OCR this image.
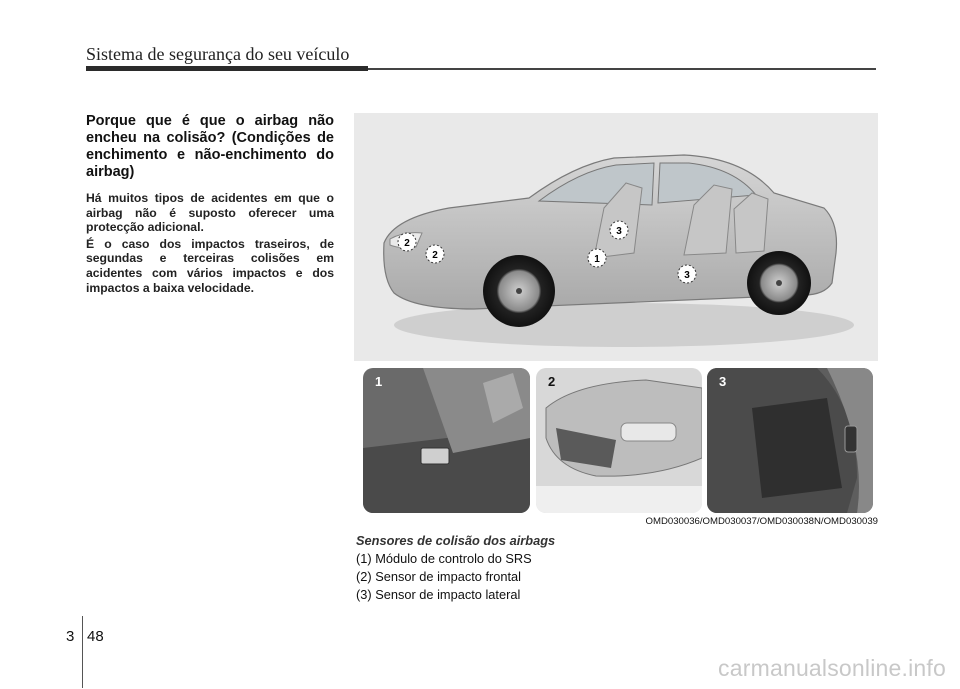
Sistema de segurança do seu veículo

Porque que é que o airbag não encheu na colisão? (Condições de enchimento e não-enchimento do airbag)

Há muitos tipos de acidentes em que o airbag não é suposto oferecer uma protecção adicional.

É o caso dos impactos traseiros, de segundas e terceiras colisões em acidentes com vários impactos e dos impactos a baixa velocidade.

2
2	1
3
3
1	2	3
OMD030036/OMD030037/OMD030038N/OMD030039
Sensores de colisão dos airbags
(1) Módulo de controlo do SRS
(2) Sensor de impacto frontal
(3) Sensor de impacto lateral
3 48
carmanualsonline.info
